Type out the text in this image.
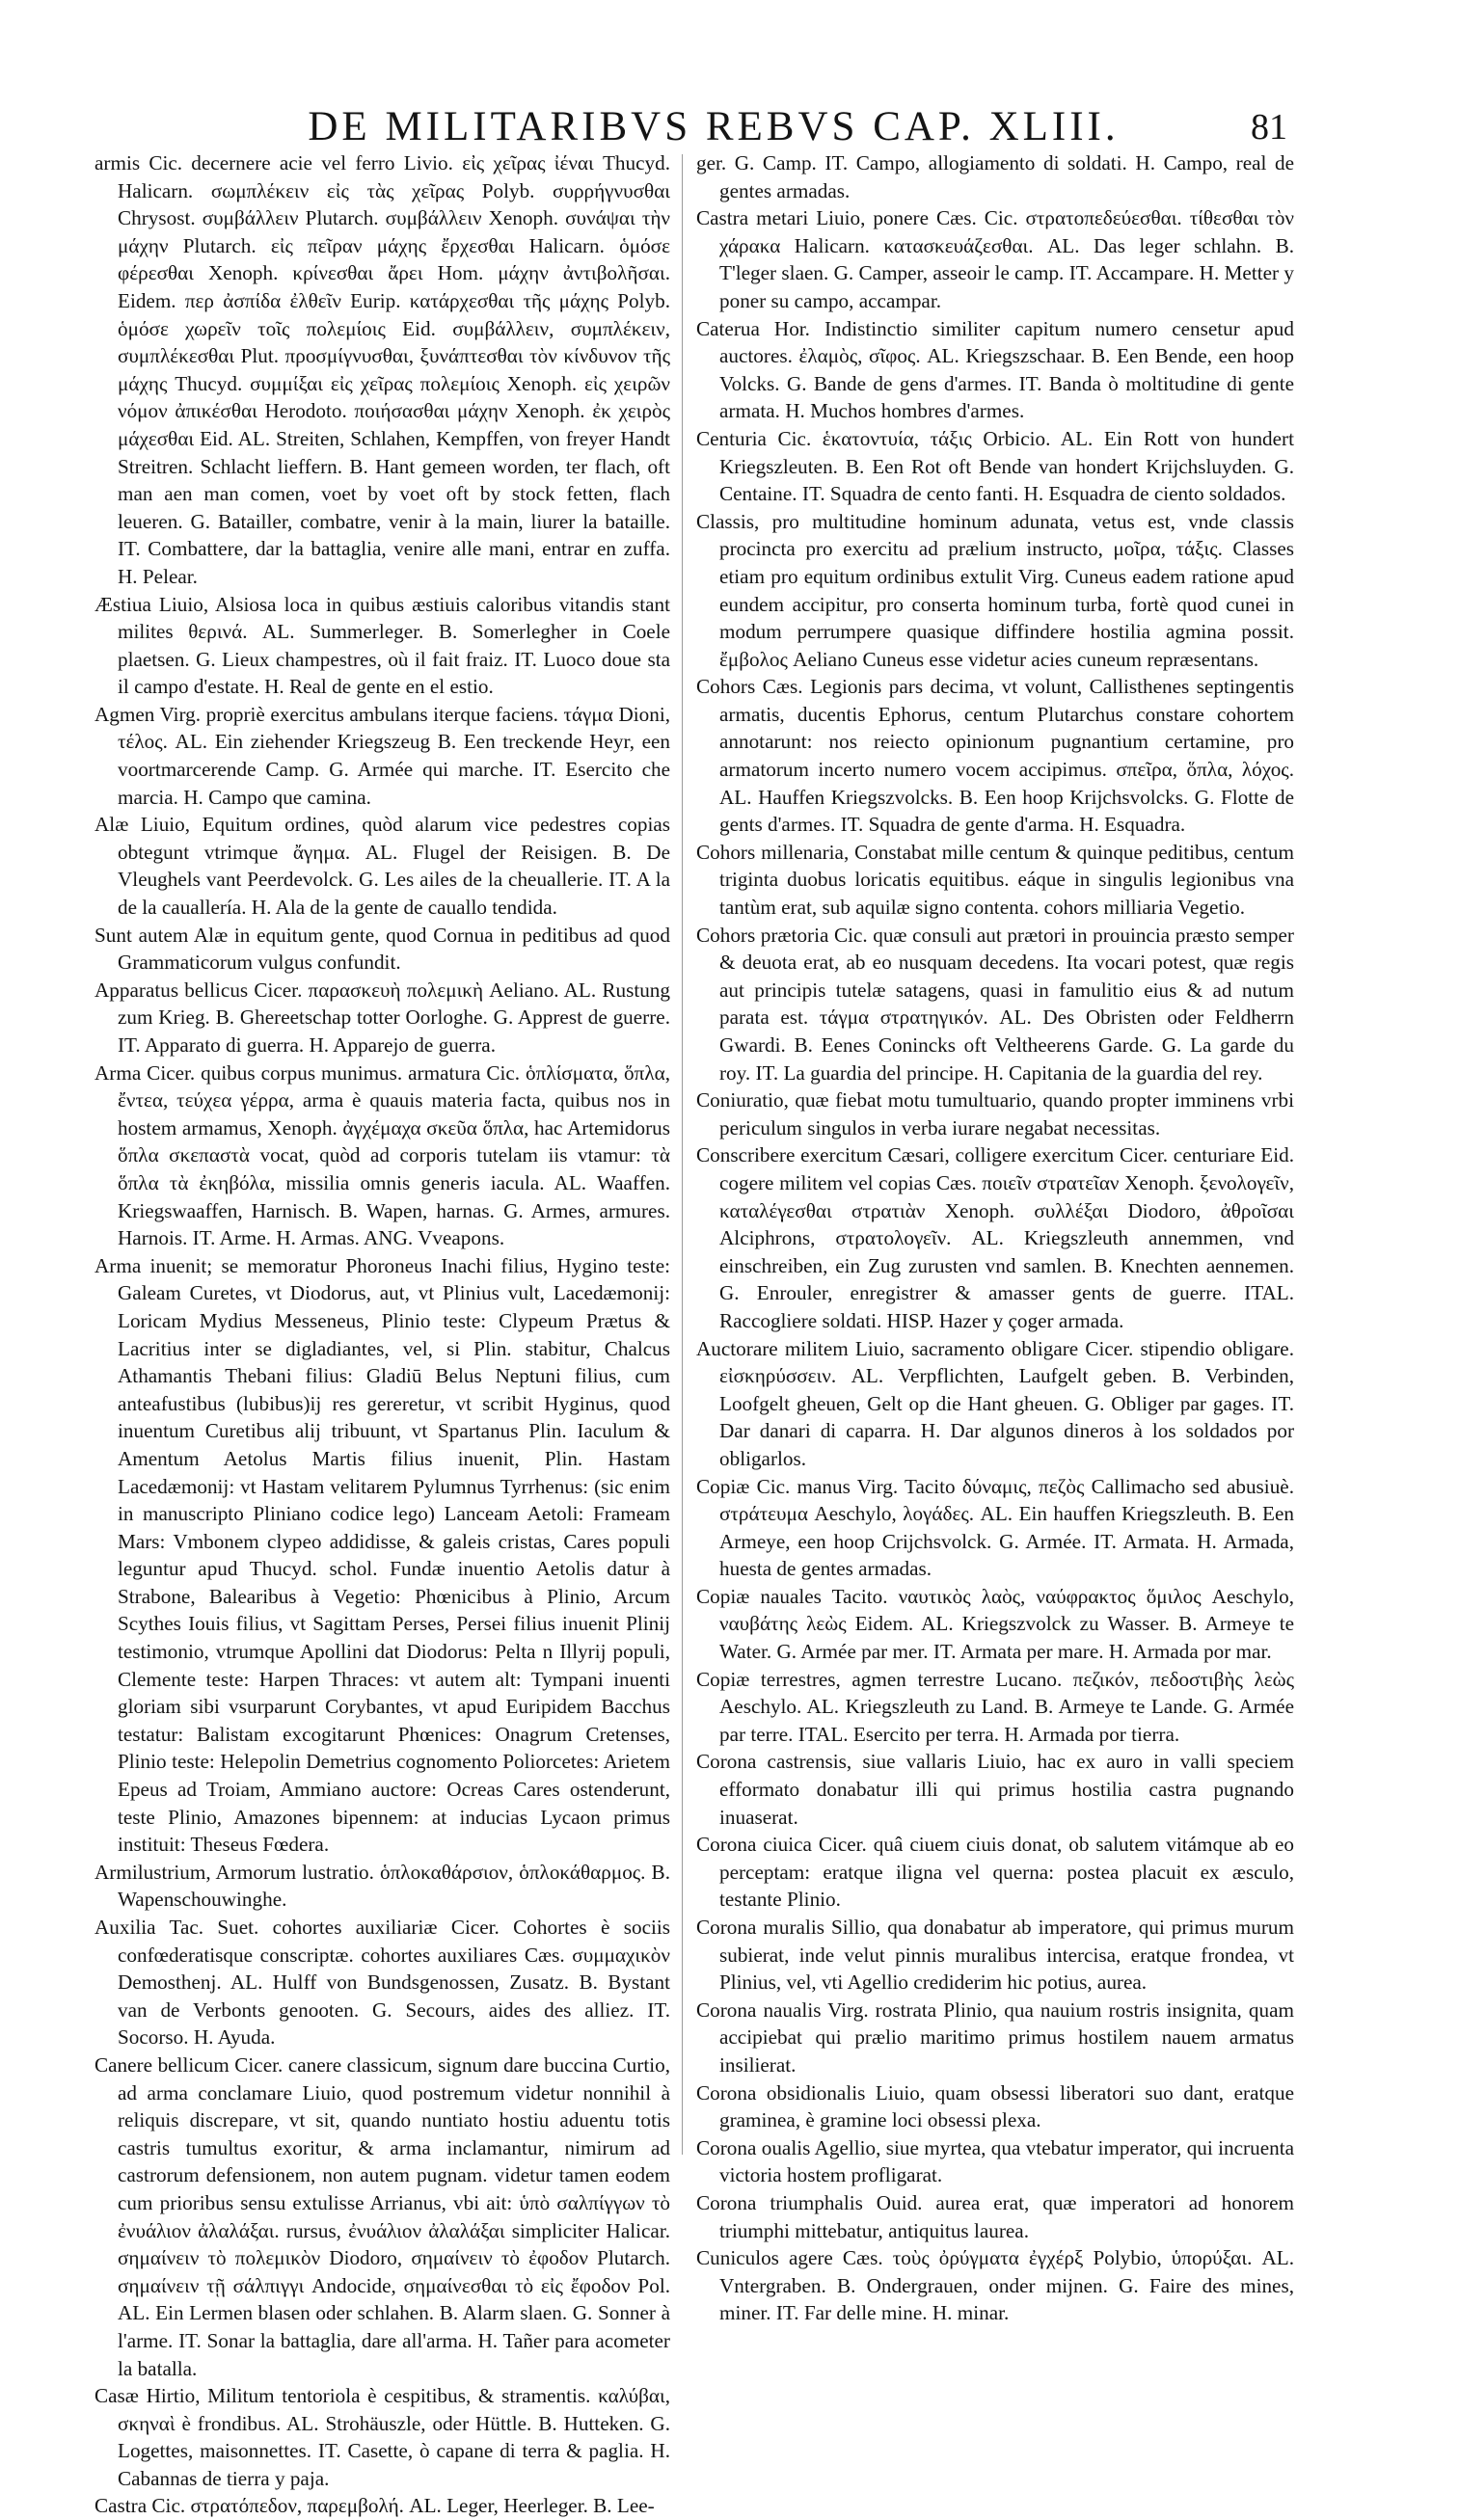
DE MILITARIBVS REBVS CAP. XLIII.	81

armis Cic. decernere acie vel ferro Livio. εἰς χεῖρας ἰέναι Thucyd. Halicarn. σωμπλέκειν εἰς τὰς χεῖρας Polyb. συρρήγνυσθαι Chrysost. συμβάλλειν Plutarch. συμβάλλειν Xenoph. συνάψαι τὴν μάχην Plutarch. εἰς πεῖραν μάχης ἔρχεσθαι Halicarn. ὁμόσε φέρεσθαι Xenoph. κρίνεσθαι ἄρει Hom. μάχην ἀντιβολῆσαι. Eidem. περ ἀσπίδα ἐλθεῖν Eurip. κατάρχεσθαι τῆς μάχης Polyb. ὁμόσε χωρεῖν τοῖς πολεμίοις Eid. συμβάλλειν, συμπλέκειν, συμπλέκεσθαι Plut. προσμίγνυσθαι, ξυνάπτεσθαι τὸν κίνδυνον τῆς μάχης Thucyd. συμμίξαι εἰς χεῖρας πολεμίοις Xenoph. εἰς χειρῶν νόμον ἀπικέσθαι Herodoto. ποιήσασθαι μάχην Xenoph. ἐκ χειρὸς μάχεσθαι Eid. AL. Streiten, Schlahen, Kempffen, von freyer Handt Streitren. Schlacht lieffern. B. Hant gemeen worden, ter flach, oft man aen man comen, voet by voet oft by stock fetten, flach leueren. G. Batailler, combatre, venir à la main, liurer la bataille. IT. Combattere, dar la battaglia, venire alle mani, entrar en zuffa. H. Pelear.

Æstiua Liuio, Alsiosa loca in quibus æstiuis caloribus vitandis stant milites θερινά. AL. Summerleger. B. Somerlegher in Coele plaetsen. G. Lieux champestres, où il fait fraiz. IT. Luoco doue sta il campo d'estate. H. Real de gente en el estio.

Agmen Virg. propriè exercitus ambulans iterque faciens. τάγμα Dioni, τέλος. AL. Ein ziehender Kriegszeug B. Een treckende Heyr, een voortmarcerende Camp. G. Armée qui marche. IT. Esercito che marcia. H. Campo que camina.

Alæ Liuio, Equitum ordines, quòd alarum vice pedestres copias obtegunt vtrimque ἄγημα. AL. Flugel der Reisigen. B. De Vleughels vant Peerdevolck. G. Les ailes de la cheuallerie. IT. A la de la cauallería. H. Ala de la gente de cauallo tendida.

Sunt autem Alæ in equitum gente, quod Cornua in peditibus ad quod Grammaticorum vulgus confundit.

Apparatus bellicus Cicer. παρασκευὴ πολεμικὴ Aeliano. AL. Rustung zum Krieg. B. Ghereetschap totter Oorloghe. G. Apprest de guerre. IT. Apparato di guerra. H. Apparejo de guerra.

Arma Cicer. quibus corpus munimus. armatura Cic. ὁπλίσματα, ὅπλα, ἔντεα, τεύχεα γέρρα, arma è quauis materia facta, quibus nos in hostem armamus, Xenoph. ἀγχέμαχα σκεῦα ὅπλα, hac Artemidorus ὅπλα σκεπαστὰ vocat, quòd ad corporis tutelam iis vtamur: τὰ ὅπλα τὰ ἐκηβόλα, missilia omnis generis iacula. AL. Waaffen. Kriegswaaffen, Harnisch. B. Wapen, harnas. G. Armes, armures. Harnois. IT. Arme. H. Armas. ANG. Vveapons.

Arma inuenit; se memoratur Phoroneus Inachi filius, Hygino teste: Galeam Curetes, vt Diodorus, aut, vt Plinius vult, Lacedæmonij: Loricam Mydius Messeneus, Plinio teste: Clypeum Prætus & Lacritius inter se digladiantes, vel, si Plin. stabitur, Chalcus Athamantis Thebani filius: Gladiū Belus Neptuni filius, cum anteafustibus (lubibus)ij res gereretur, vt scribit Hyginus, quod inuentum Curetibus alij tribuunt, vt Spartanus Plin. Iaculum & Amentum Aetolus Martis filius inuenit, Plin. Hastam Lacedæmonij: vt Hastam velitarem Pylumnus Tyrrhenus: (sic enim in manuscripto Pliniano codice lego) Lanceam Aetoli: Frameam Mars: Vmbonem clypeo addidisse, & galeis cristas, Cares populi leguntur apud Thucyd. schol. Fundæ inuentio Aetolis datur à Strabone, Balearibus à Vegetio: Phœnicibus à Plinio, Arcum Scythes Iouis filius, vt Sagittam Perses, Persei filius inuenit Plinij testimonio, vtrumque Apollini dat Diodorus: Pelta n Illyrij populi, Clemente teste: Harpen Thraces: vt autem alt: Tympani inuenti gloriam sibi vsurparunt Corybantes, vt apud Euripidem Bacchus testatur: Balistam excogitarunt Phœnices: Onagrum Cretenses, Plinio teste: Helepolin Demetrius cognomento Poliorcetes: Arietem Epeus ad Troiam, Ammiano auctore: Ocreas Cares ostenderunt, teste Plinio, Amazones bipennem: at inducias Lycaon primus instituit: Theseus Fœdera.

Armilustrium, Armorum lustratio. ὁπλοκαθάρσιον, ὁπλοκάθαρμος. B. Wapenschouwinghe.

Auxilia Tac. Suet. cohortes auxiliariæ Cicer. Cohortes è sociis confœderatisque conscriptæ. cohortes auxiliares Cæs. συμμαχικὸν Demosthenj. AL. Hulff von Bundsgenossen, Zusatz. B. Bystant van de Verbonts genooten. G. Secours, aides des alliez. IT. Socorso. H. Ayuda.

Canere bellicum Cicer. canere classicum, signum dare buccina Curtio, ad arma conclamare Liuio, quod postremum videtur nonnihil à reliquis discrepare, vt sit, quando nuntiato hostiu aduentu totis castris tumultus exoritur, & arma inclamantur, nimirum ad castrorum defensionem, non autem pugnam. videtur tamen eodem cum prioribus sensu extulisse Arrianus, vbi ait: ὑπὸ σαλπίγγων τὸ ἐνυάλιον ἀλαλάξαι. rursus, ἐνυάλιον ἀλαλάξαι simpliciter Halicar. σημαίνειν τὸ πολεμικὸν Diodoro, σημαίνειν τὸ ἐφοδον Plutarch. σημαίνειν τῇ σάλπιγγι Andocide, σημαίνεσθαι τὸ εἰς ἔφοδον Pol. AL. Ein Lermen blasen oder schlahen. B. Alarm slaen. G. Sonner à l'arme. IT. Sonar la battaglia, dare all'arma. H. Tañer para acometer la batalla.

Casæ Hirtio, Militum tentoriola è cespitibus, & stramentis. καλύβαι, σκηναὶ è frondibus. AL. Strohäuszle, oder Hüttle. B. Hutteken. G. Logettes, maisonnettes. IT. Casette, ò capane di terra & paglia. H. Cabannas de tierra y paja.

Castra Cic. στρατόπεδον, παρεμβολή. AL. Leger, Heerleger. B. Lee-

ger. G. Camp. IT. Campo, allogiamento di soldati. H. Campo, real de gentes armadas.

Castra metari Liuio, ponere Cæs. Cic. στρατοπεδεύεσθαι. τίθεσθαι τὸν χάρακα Halicarn. κατασκευάζεσθαι. AL. Das leger schlahn. B. T'leger slaen. G. Camper, asseoir le camp. IT. Accampare. H. Metter y poner su campo, accampar.

Caterua Hor. Indistinctio similiter capitum numero censetur apud auctores. ἐλαμὸς, σῖφος. AL. Kriegszschaar. B. Een Bende, een hoop Volcks. G. Bande de gens d'armes. IT. Banda ò moltitudine di gente armata. H. Muchos hombres d'armes.

Centuria Cic. ἑκατοντυία, τάξις Orbicio. AL. Ein Rott von hundert Kriegszleuten. B. Een Rot oft Bende van hondert Krijchsluyden. G. Centaine. IT. Squadra de cento fanti. H. Esquadra de ciento soldados.

Classis, pro multitudine hominum adunata, vetus est, vnde classis procincta pro exercitu ad prælium instructo, μοῖρα, τάξις. Classes etiam pro equitum ordinibus extulit Virg. Cuneus eadem ratione apud eundem accipitur, pro conserta hominum turba, fortè quod cunei in modum perrumpere quasique diffindere hostilia agmina possit. ἔμβολος Aeliano Cuneus esse videtur acies cuneum repræsentans.

Cohors Cæs. Legionis pars decima, vt volunt, Callisthenes septingentis armatis, ducentis Ephorus, centum Plutarchus constare cohortem annotarunt: nos reiecto opinionum pugnantium certamine, pro armatorum incerto numero vocem accipimus. σπεῖρα, ὅπλα, λόχος. AL. Hauffen Kriegszvolcks. B. Een hoop Krijchsvolcks. G. Flotte de gents d'armes. IT. Squadra de gente d'arma. H. Esquadra.

Cohors millenaria, Constabat mille centum & quinque peditibus, centum triginta duobus loricatis equitibus. eáque in singulis legionibus vna tantùm erat, sub aquilæ signo contenta. cohors milliaria Vegetio.

Cohors prætoria Cic. quæ consuli aut prætori in prouincia præsto semper & deuota erat, ab eo nusquam decedens. Ita vocari potest, quæ regis aut principis tutelæ satagens, quasi in famulitio eius & ad nutum parata est. τάγμα στρατηγικόν. AL. Des Obristen oder Feldherrn Gwardi. B. Eenes Conincks oft Veltheerens Garde. G. La garde du roy. IT. La guardia del principe. H. Capitania de la guardia del rey.

Coniuratio, quæ fiebat motu tumultuario, quando propter imminens vrbi periculum singulos in verba iurare negabat necessitas.

Conscribere exercitum Cæsari, colligere exercitum Cicer. centuriare Eid. cogere militem vel copias Cæs. ποιεῖν στρατεῖαν Xenoph. ξενολογεῖν, καταλέγεσθαι στρατιὰν Xenoph. συλλέξαι Diodoro, ἀθροῖσαι Alciphrons, στρατολογεῖν. AL. Kriegszleuth annemmen, vnd einschreiben, ein Zug zurusten vnd samlen. B. Knechten aennemen. G. Enrouler, enregistrer & amasser gents de guerre. ITAL. Raccogliere soldati. HISP. Hazer y çoger armada.

Auctorare militem Liuio, sacramento obligare Cicer. stipendio obligare. εἰσκηρύσσειν. AL. Verpflichten, Laufgelt geben. B. Verbinden, Loofgelt gheuen, Gelt op die Hant gheuen. G. Obliger par gages. IT. Dar danari di caparra. H. Dar algunos dineros à los soldados por obligarlos.

Copiæ Cic. manus Virg. Tacito δύναμις, πεζὸς Callimacho sed abusiuè. στράτευμα Aeschylo, λογάδες. AL. Ein hauffen Kriegszleuth. B. Een Armeye, een hoop Crijchsvolck. G. Armée. IT. Armata. H. Armada, huesta de gentes armadas.

Copiæ nauales Tacito. ναυτικὸς λαὸς, ναύφρακτος ὅμιλος Aeschylo, ναυβάτης λεὼς Eidem. AL. Kriegszvolck zu Wasser. B. Armeye te Water. G. Armée par mer. IT. Armata per mare. H. Armada por mar.

Copiæ terrestres, agmen terrestre Lucano. πεζικόν, πεδοστιβὴς λεὼς Aeschylo. AL. Kriegszleuth zu Land. B. Armeye te Lande. G. Armée par terre. ITAL. Esercito per terra. H. Armada por tierra.

Corona castrensis, siue vallaris Liuio, hac ex auro in valli speciem efformato donabatur illi qui primus hostilia castra pugnando inuaserat.

Corona ciuica Cicer. quâ ciuem ciuis donat, ob salutem vitámque ab eo perceptam: eratque iligna vel querna: postea placuit ex æsculo, testante Plinio.

Corona muralis Sillio, qua donabatur ab imperatore, qui primus murum subierat, inde velut pinnis muralibus intercisa, eratque frondea, vt Plinius, vel, vti Agellio crediderim hic potius, aurea.

Corona naualis Virg. rostrata Plinio, qua nauium rostris insignita, quam accipiebat qui prælio maritimo primus hostilem nauem armatus insilierat.

Corona obsidionalis Liuio, quam obsessi liberatori suo dant, eratque graminea, è gramine loci obsessi plexa.

Corona oualis Agellio, siue myrtea, qua vtebatur imperator, qui incruenta victoria hostem profligarat.

Corona triumphalis Ouid. aurea erat, quæ imperatori ad honorem triumphi mittebatur, antiquitus laurea.

Cuniculos agere Cæs. τοὺς ὀρύγματα ἐγχέρξ Polybio, ὑπορύξαι. AL. Vntergraben. B. Ondergrauen, onder mijnen. G. Faire des mines, miner. IT. Far delle mine. H. minar.
